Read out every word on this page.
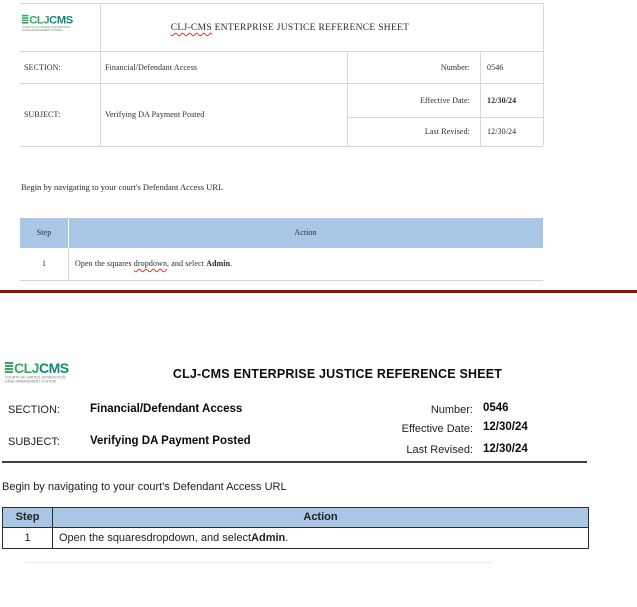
CLJ CMS
COURTS OF LIMITED JURISDICTION
CASE MANAGEMENT SYSTEM	CLJ-CMS ENTERPRISE JUSTICE REFERENCE SHEET
SECTION:	Financial/Defendant Access	Number: 0546
Effective Date: 12/30/24
SUBJECT:	Verifying DA Payment Posted
Last Revised: 12/30/24
Begin by navigating to your court's Defendant Access URL
Step	Action
1	Open the squares dropdown, and select Admin.
CLJ CMS
COURTS OF LIMITED JURISDICTION
CASE MANAGEMENT SYSTEM
CLJ-CMS ENTERPRISE JUSTICE REFERENCE SHEET
SECTION:	Financial/Defendant Access	Number: 0546
Effective Date: 12/30/24
SUBJECT:	Verifying DA Payment Posted
Last Revised: 12/30/24
Begin by navigating to your court's Defendant Access URL
Step	Action
1	Open the squares dropdown , and select Admin .
